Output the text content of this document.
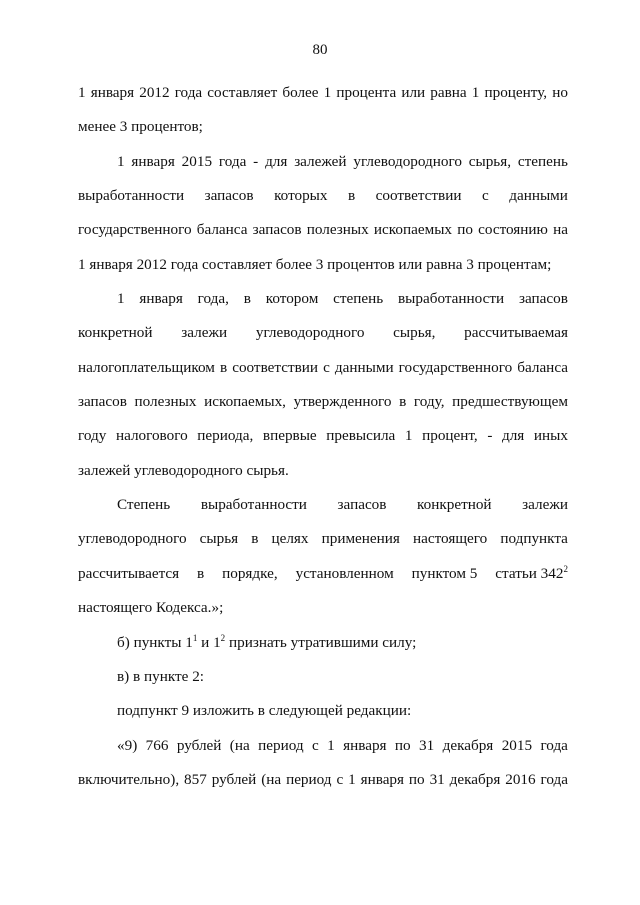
80
1 января 2012 года составляет более 1 процента или равна 1 проценту, но
менее 3 процентов;
1 января 2015 года - для залежей углеводородного сырья, степень
выработанности запасов которых в соответствии с данными
государственного баланса запасов полезных ископаемых по состоянию на
1 января 2012 года составляет более 3 процентов или равна 3 процентам;
1 января года, в котором степень выработанности запасов
конкретной залежи углеводородного сырья, рассчитываемая
налогоплательщиком в соответствии с данными государственного баланса
запасов полезных ископаемых, утвержденного в году, предшествующем
году налогового периода, впервые превысила 1 процент, - для иных
залежей углеводородного сырья.
Степень выработанности запасов конкретной залежи
углеводородного сырья в целях применения настоящего подпункта
рассчитывается в порядке, установленном пунктом 5 статьи $342^2$
настоящего Кодекса.»;
б) пункты $1^1$ и $1^2$ признать утратившими силу;
в) в пункте 2:
подпункт 9 изложить в следующей редакции:
«9) 766 рублей (на период с 1 января по 31 декабря 2015 года
включительно), 857 рублей (на период с 1 января по 31 декабря 2016 года
